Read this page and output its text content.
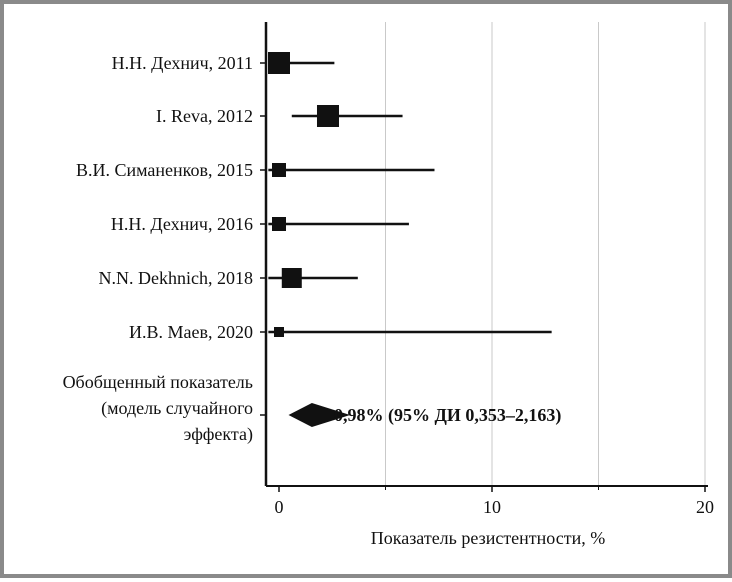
0	10	20
Н.Н. Дехнич, 2011
I. Reva, 2012
В.И. Симаненков, 2015
Н.Н. Дехнич, 2016
N.N. Dekhnich, 2018
И.В. Маев, 2020
0,98% (95% ДИ 0,353–2,163)
Обобщенный показатель
(модель случайного
эффекта)
Показатель резистентности, %
